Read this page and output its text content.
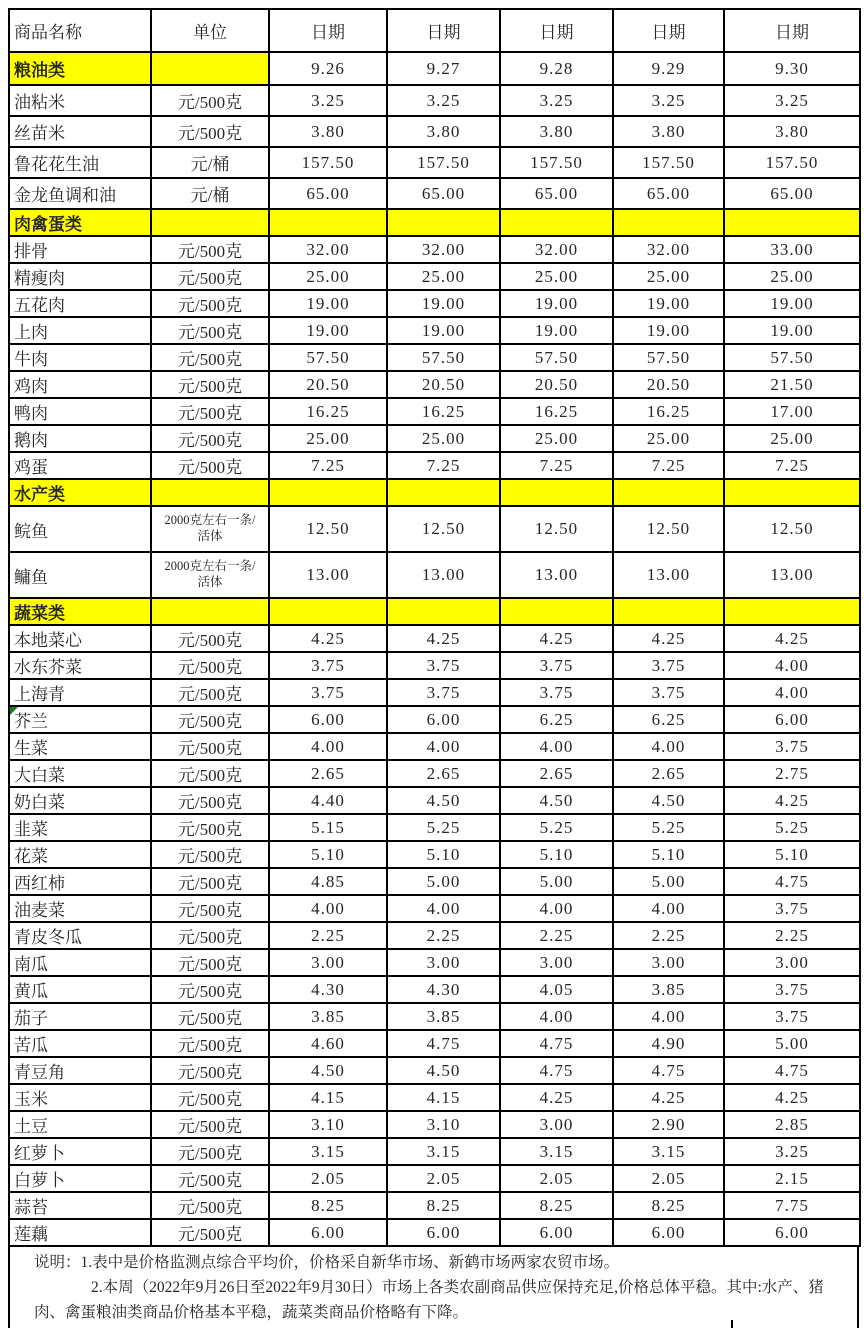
商品名称	单位	日期	日期	日期	日期	日期
粮油类		9.26	9.27	9.28	9.29	9.30
油粘米	元/500克	3.25	3.25	3.25	3.25	3.25
丝苗米	元/500克	3.80	3.80	3.80	3.80	3.80
鲁花花生油	元/桶	157.50	157.50	157.50	157.50	157.50
金龙鱼调和油	元/桶	65.00	65.00	65.00	65.00	65.00
肉禽蛋类						
排骨	元/500克	32.00	32.00	32.00	32.00	33.00
精瘦肉	元/500克	25.00	25.00	25.00	25.00	25.00
五花肉	元/500克	19.00	19.00	19.00	19.00	19.00
上肉	元/500克	19.00	19.00	19.00	19.00	19.00
牛肉	元/500克	57.50	57.50	57.50	57.50	57.50
鸡肉	元/500克	20.50	20.50	20.50	20.50	21.50
鸭肉	元/500克	16.25	16.25	16.25	16.25	17.00
鹅肉	元/500克	25.00	25.00	25.00	25.00	25.00
鸡蛋	元/500克	7.25	7.25	7.25	7.25	7.25
水产类						
鲩鱼	2000克左右一条/活体	12.50	12.50	12.50	12.50	12.50
鳙鱼	2000克左右一条/活体	13.00	13.00	13.00	13.00	13.00
蔬菜类						
本地菜心	元/500克	4.25	4.25	4.25	4.25	4.25
水东芥菜	元/500克	3.75	3.75	3.75	3.75	4.00
上海青	元/500克	3.75	3.75	3.75	3.75	4.00

芥兰	元/500克	6.00	6.00	6.25	6.25	6.00
生菜	元/500克	4.00	4.00	4.00	4.00	3.75
大白菜	元/500克	2.65	2.65	2.65	2.65	2.75
奶白菜	元/500克	4.40	4.50	4.50	4.50	4.25
韭菜	元/500克	5.15	5.25	5.25	5.25	5.25
花菜	元/500克	5.10	5.10	5.10	5.10	5.10
西红柿	元/500克	4.85	5.00	5.00	5.00	4.75
油麦菜	元/500克	4.00	4.00	4.00	4.00	3.75
青皮冬瓜	元/500克	2.25	2.25	2.25	2.25	2.25
南瓜	元/500克	3.00	3.00	3.00	3.00	3.00
黄瓜	元/500克	4.30	4.30	4.05	3.85	3.75
茄子	元/500克	3.85	3.85	4.00	4.00	3.75
苦瓜	元/500克	4.60	4.75	4.75	4.90	5.00
青豆角	元/500克	4.50	4.50	4.75	4.75	4.75
玉米	元/500克	4.15	4.15	4.25	4.25	4.25
土豆	元/500克	3.10	3.10	3.00	2.90	2.85
红萝卜	元/500克	3.15	3.15	3.15	3.15	3.25
白萝卜	元/500克	2.05	2.05	2.05	2.05	2.15
蒜苔	元/500克	8.25	8.25	8.25	8.25	7.75
莲藕	元/500克	6.00	6.00	6.00	6.00	6.00

说明：1.表中是价格监测点综合平均价，价格采自新华市场、新鹤市场两家农贸市场。

2.本周（2022年9月26日至2022年9月30日）市场上各类农副商品供应保持充足,价格总体平稳。其中:水产、猪肉、禽蛋粮油类商品价格基本平稳，蔬菜类商品价格略有下降。
